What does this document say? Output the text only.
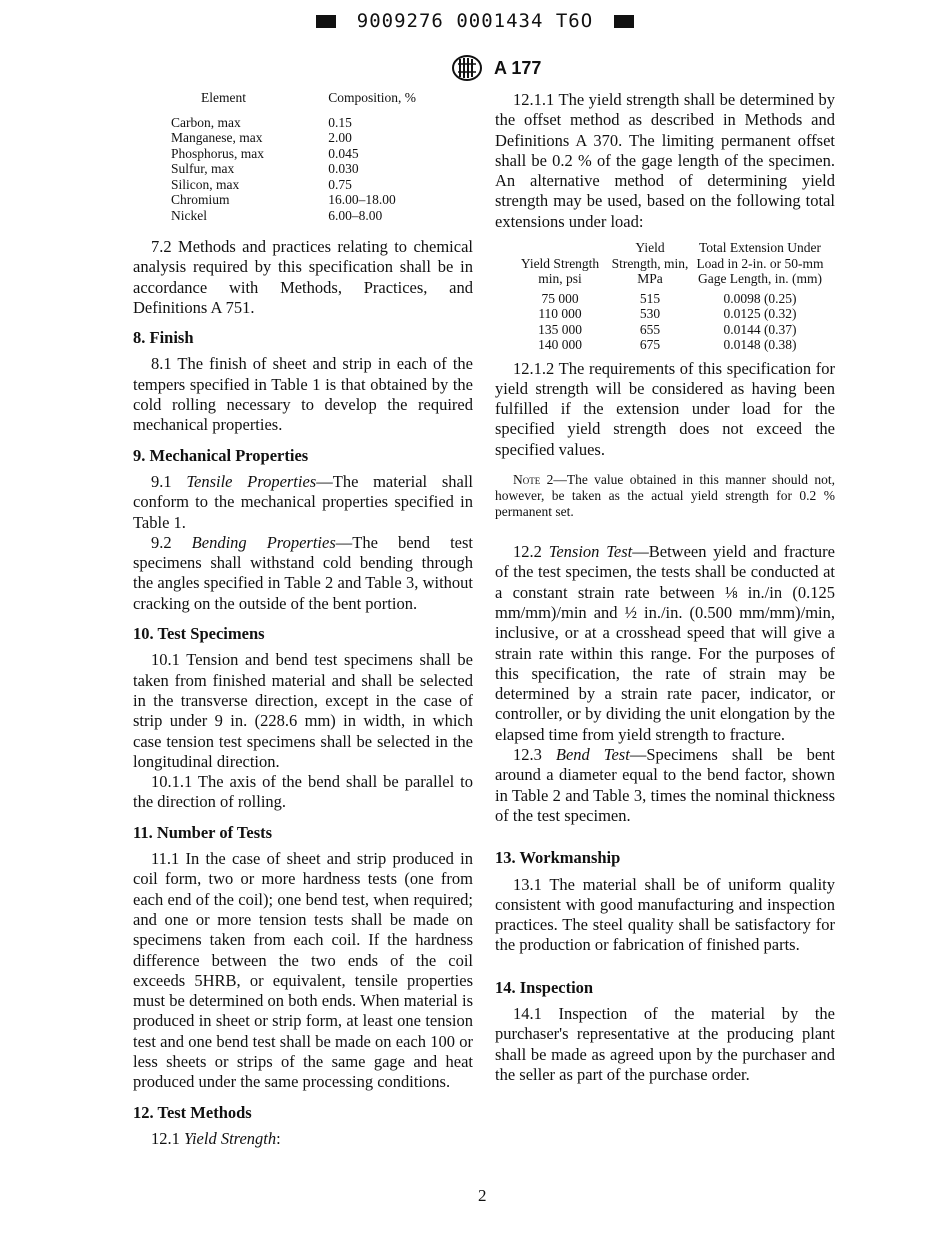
9009276 0001434 T6O
A 177
Element	Composition, %
Carbon, max	0.15
Manganese, max	2.00
Phosphorus, max	0.045
Sulfur, max	0.030
Silicon, max	0.75
Chromium	16.00–18.00
Nickel	6.00–8.00

7.2 Methods and practices relating to chemical analysis required by this specification shall be in accordance with Methods, Practices, and Definitions A 751.

8. Finish

8.1 The finish of sheet and strip in each of the tempers specified in Table 1 is that obtained by the cold rolling necessary to develop the required mechanical properties.

9. Mechanical Properties

9.1 Tensile Properties—The material shall conform to the mechanical properties specified in Table 1.

9.2 Bending Properties—The bend test specimens shall withstand cold bending through the angles specified in Table 2 and Table 3, without cracking on the outside of the bent portion.

10. Test Specimens

10.1 Tension and bend test specimens shall be taken from finished material and shall be selected in the transverse direction, except in the case of strip under 9 in. (228.6 mm) in width, in which case tension test specimens shall be selected in the longitudinal direction.

10.1.1 The axis of the bend shall be parallel to the direction of rolling.

11. Number of Tests

11.1 In the case of sheet and strip produced in coil form, two or more hardness tests (one from each end of the coil); one bend test, when required; and one or more tension tests shall be made on specimens taken from each coil. If the hardness difference between the two ends of the coil exceeds 5HRB, or equivalent, tensile properties must be determined on both ends. When material is produced in sheet or strip form, at least one tension test and one bend test shall be made on each 100 or less sheets or strips of the same gage and heat produced under the same processing conditions.

12. Test Methods

12.1 Yield Strength:

12.1.1 The yield strength shall be determined by the offset method as described in Methods and Definitions A 370. The limiting permanent offset shall be 0.2 % of the gage length of the specimen. An alternative method of determining yield strength may be used, based on the following total extensions under load:

Yield Strength min, psi	Yield Strength, min, MPa	Total Extension Under Load in 2-in. or 50-mm Gage Length, in. (mm)
75 000	515	0.0098 (0.25)
110 000	530	0.0125 (0.32)
135 000	655	0.0144 (0.37)
140 000	675	0.0148 (0.38)

12.1.2 The requirements of this specification for yield strength will be considered as having been fulfilled if the extension under load for the specified yield strength does not exceed the specified values.

Note 2—The value obtained in this manner should not, however, be taken as the actual yield strength for 0.2 % permanent set.

12.2 Tension Test—Between yield and fracture of the test specimen, the tests shall be conducted at a constant strain rate between ⅛ in./in (0.125 mm/mm)/min and ½ in./in. (0.500 mm/mm)/min, inclusive, or at a crosshead speed that will give a strain rate within this range. For the purposes of this specification, the rate of strain may be determined by a strain rate pacer, indicator, or controller, or by dividing the unit elongation by the elapsed time from yield strength to fracture.

12.3 Bend Test—Specimens shall be bent around a diameter equal to the bend factor, shown in Table 2 and Table 3, times the nominal thickness of the test specimen.

13. Workmanship

13.1 The material shall be of uniform quality consistent with good manufacturing and inspection practices. The steel quality shall be satisfactory for the production or fabrication of finished parts.

14. Inspection

14.1 Inspection of the material by the purchaser's representative at the producing plant shall be made as agreed upon by the purchaser and the seller as part of the purchase order.

2
